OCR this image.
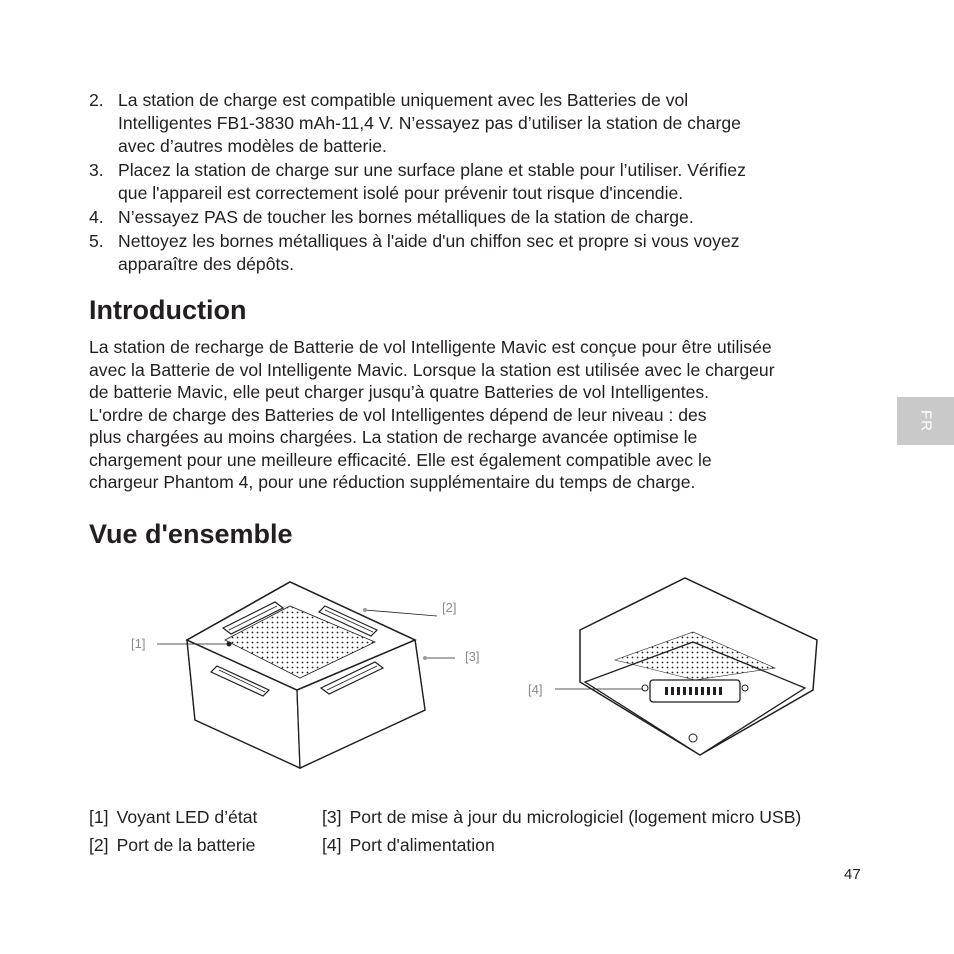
2. La station de charge est compatible uniquement avec les Batteries de vol
Intelligentes FB1-3830 mAh-11,4 V. N’essayez pas d’utiliser la station de charge
avec d’autres modèles de batterie.
3. Placez la station de charge sur une surface plane et stable pour l’utiliser. Vérifiez
que l'appareil est correctement isolé pour prévenir tout risque d'incendie.
4. N’essayez PAS de toucher les bornes métalliques de la station de charge.
5. Nettoyez les bornes métalliques à l'aide d'un chiffon sec et propre si vous voyez
apparaître des dépôts.
Introduction

La station de recharge de Batterie de vol Intelligente Mavic est conçue pour être utilisée
avec la Batterie de vol Intelligente Mavic. Lorsque la station est utilisée avec le chargeur
de batterie Mavic, elle peut charger jusqu’à quatre Batteries de vol Intelligentes.
L'ordre de charge des Batteries de vol Intelligentes dépend de leur niveau : des
plus chargées au moins chargées. La station de recharge avancée optimise le
chargement pour une meilleure efficacité. Elle est également compatible avec le
chargeur Phantom 4, pour une réduction supplémentaire du temps de charge.

FR
Vue d'ensemble
[1]
[2]
[3]
[4]
[1] Voyant LED d’état
[2] Port de la batterie
[3] Port de mise à jour du micrologiciel (logement micro USB)
[4] Port d'alimentation
47
